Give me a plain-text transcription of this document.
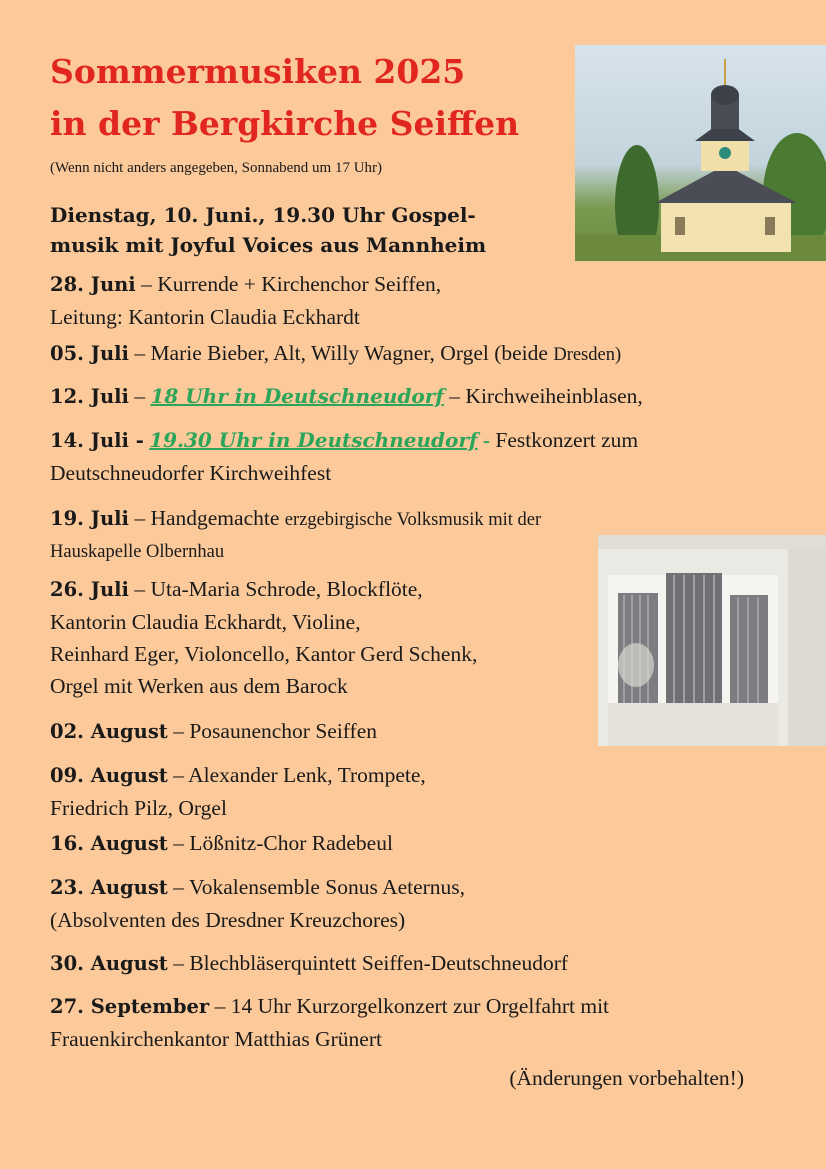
Sommermusiken 2025
in der Bergkirche Seiffen

(Wenn nicht anders angegeben, Sonnabend um 17 Uhr)

Dienstag, 10. Juni., 19.30 Uhr Gospel-
musik mit Joyful Voices aus Mannheim

28. Juni – Kurrende + Kirchenchor Seiffen,
Leitung: Kantorin Claudia Eckhardt

05. Juli – Marie Bieber, Alt, Willy Wagner, Orgel (beide Dresden)

12. Juli – 18 Uhr in Deutschneudorf – Kirchweiheinblasen,

14. Juli - 19.30 Uhr in Deutschneudorf - Festkonzert zum
Deutschneudorfer Kirchweihfest

19. Juli – Handgemachte erzgebirgische Volksmusik mit der
Hauskapelle Olbernhau

26. Juli – Uta-Maria Schrode, Blockflöte,
Kantorin Claudia Eckhardt, Violine,
Reinhard Eger, Violoncello, Kantor Gerd Schenk,
Orgel mit Werken aus dem Barock

02. August – Posaunenchor Seiffen

09. August – Alexander Lenk, Trompete,
Friedrich Pilz, Orgel

16. August – Lößnitz-Chor Radebeul

23. August – Vokalensemble Sonus Aeternus,
(Absolventen des Dresdner Kreuzchores)

30. August – Blechbläserquintett Seiffen-Deutschneudorf

27. September – 14 Uhr Kurzorgelkonzert zur Orgelfahrt mit
Frauenkirchenkantor Matthias Grünert

(Änderungen vorbehalten!)
